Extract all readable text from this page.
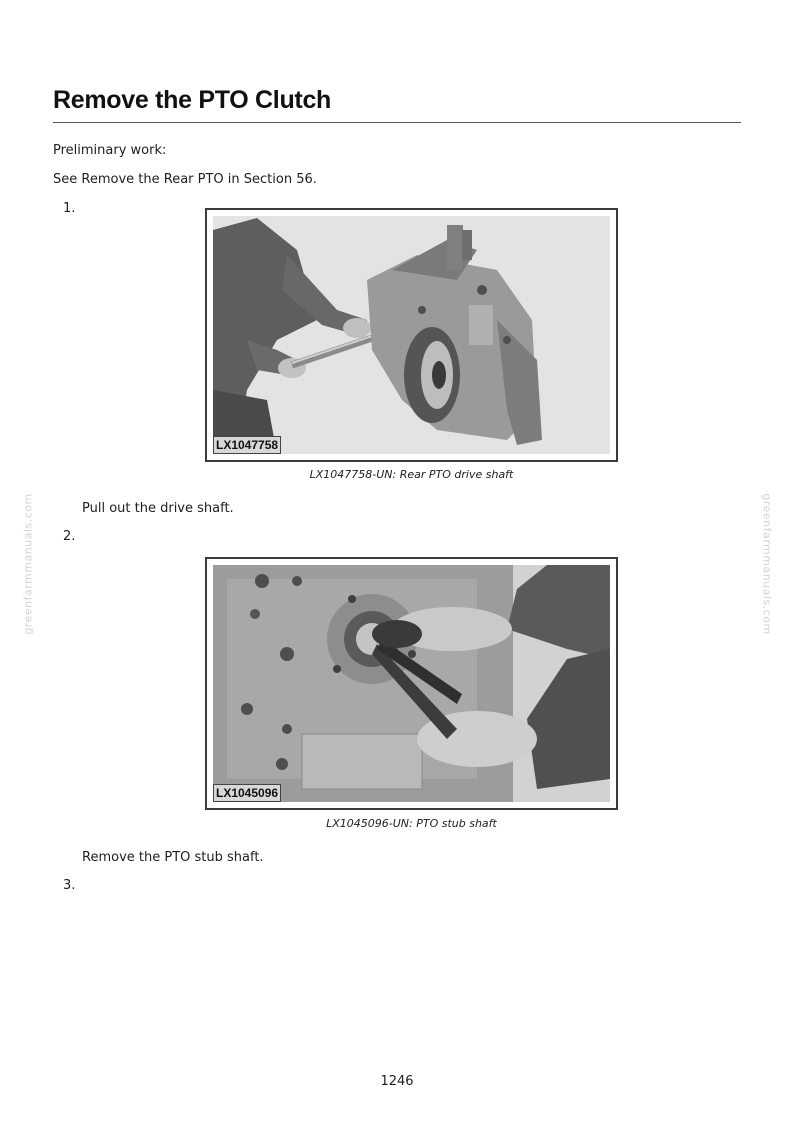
Remove the PTO Clutch
Preliminary work:
See Remove the Rear PTO in Section 56.
1.
LX1047758
LX1047758-UN: Rear PTO drive shaft
Pull out the drive shaft.
2.
LX1045096
LX1045096-UN: PTO stub shaft
Remove the PTO stub shaft.
3.
greenfarmmanuals.com	greenfarmmanuals.com
1246
